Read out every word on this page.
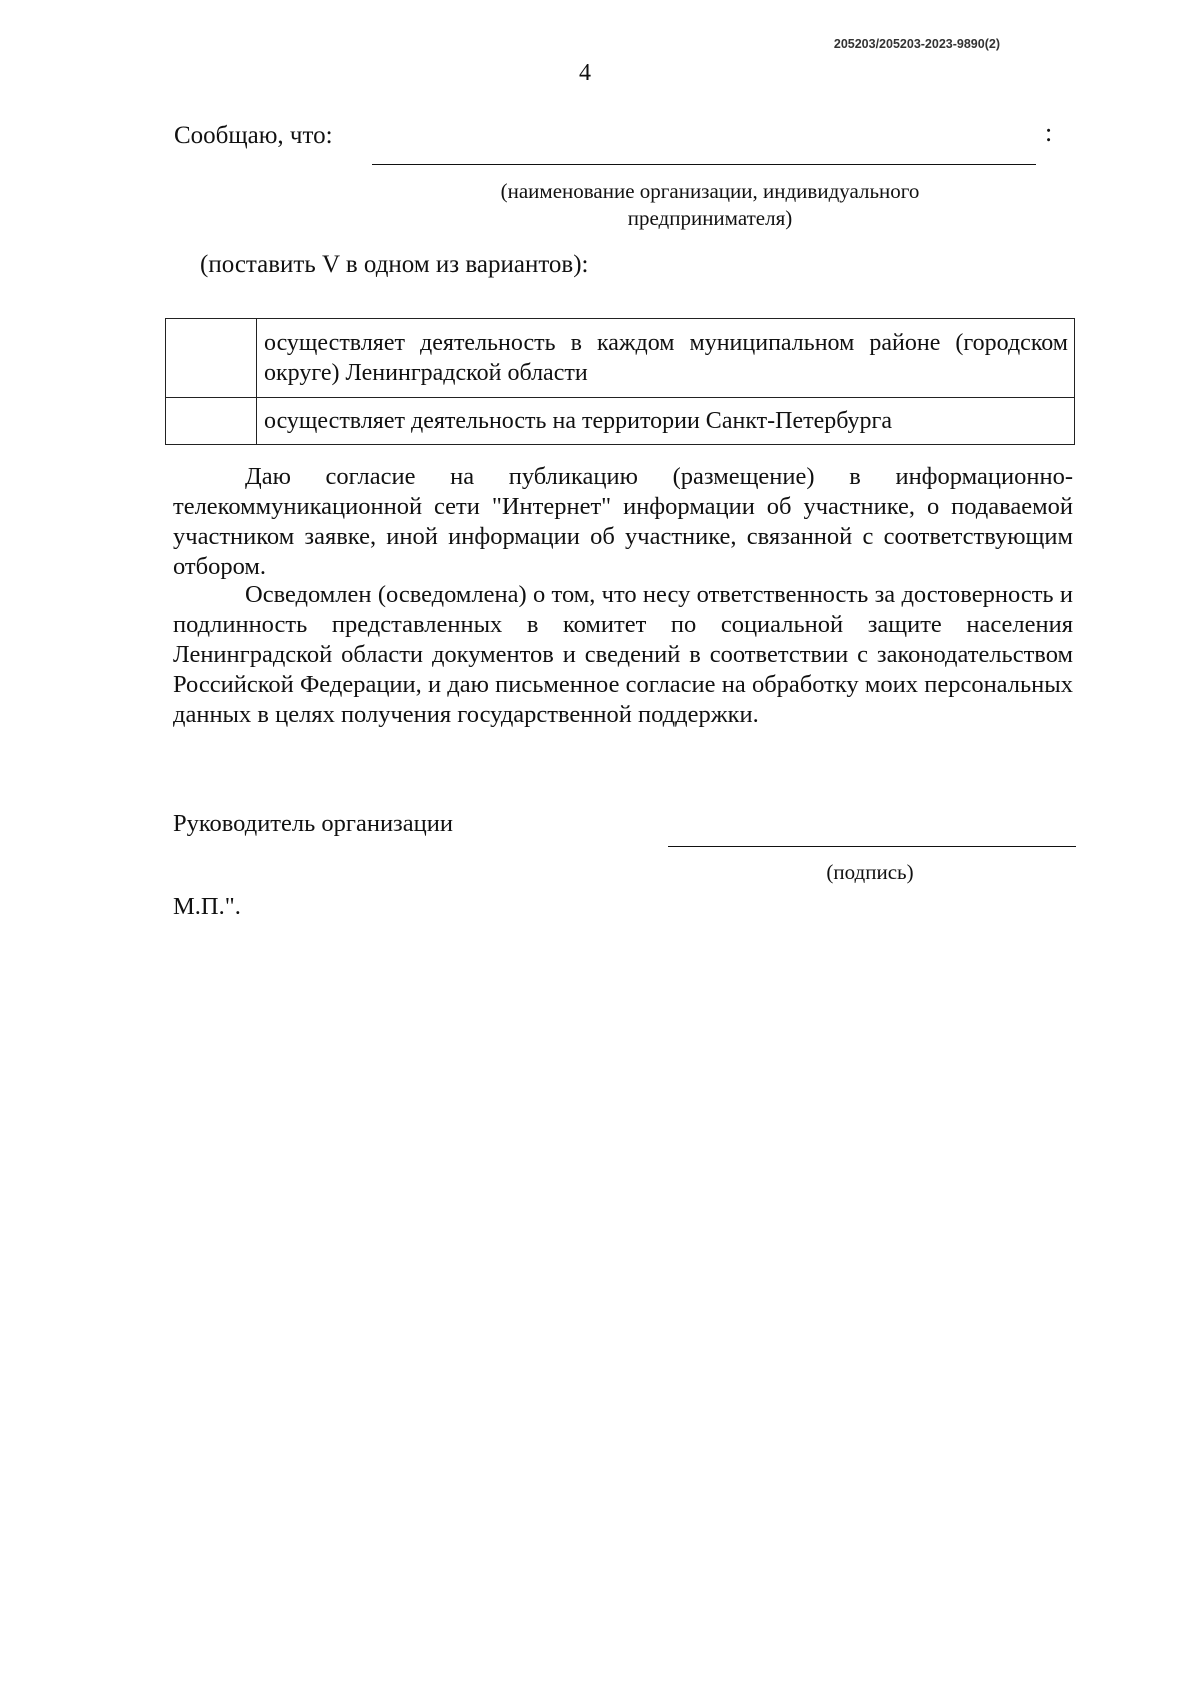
205203/205203-2023-9890(2)
4
Сообщаю, что:	:
(наименование организации, индивидуального
предпринимателя)
(поставить V в одном из вариантов):
	осуществляет деятельность в каждом муниципальном районе (городском округе) Ленинградской области
	осуществляет деятельность на территории Санкт-Петербурга

Даю согласие на публикацию (размещение) в информационно-телекоммуникационной сети "Интернет" информации об участнике, о подаваемой участником заявке, иной информации об участнике, связанной с соответствующим отбором.

Осведомлен (осведомлена) о том, что несу ответственность за достоверность и подлинность представленных в комитет по социальной защите населения Ленинградской области документов и сведений в соответствии с законодательством Российской Федерации, и даю письменное согласие на обработку моих персональных данных в целях получения государственной поддержки.

Руководитель организации
(подпись)
М.П.".
